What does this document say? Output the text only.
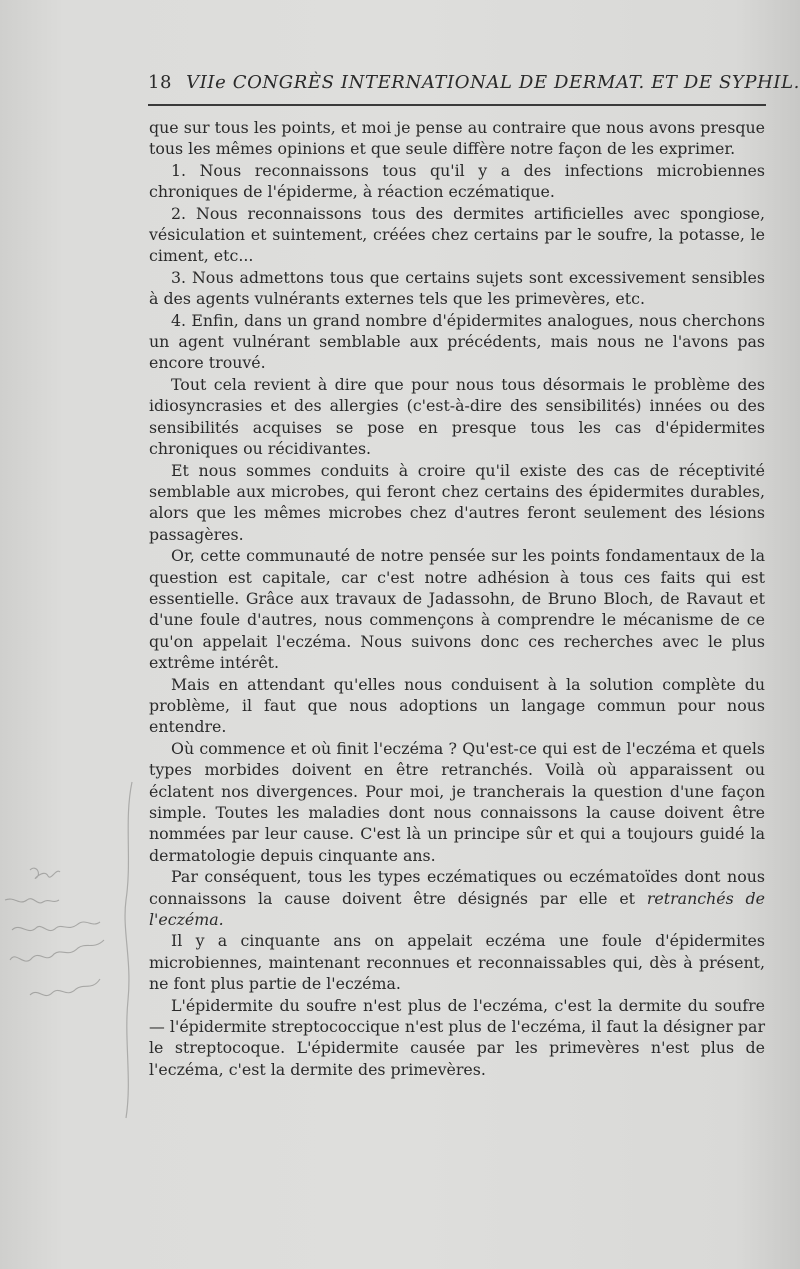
18 VIIe CONGRÈS INTERNATIONAL DE DERMAT. ET DE SYPHIL.

que sur tous les points, et moi je pense au contraire que nous avons presque tous les mêmes opinions et que seule diffère notre façon de les exprimer.

1. Nous reconnaissons tous qu'il y a des infections microbiennes chroniques de l'épiderme, à réaction eczématique.

2. Nous reconnaissons tous des dermites artificielles avec spongiose, vésiculation et suintement, créées chez certains par le soufre, la potasse, le ciment, etc...

3. Nous admettons tous que certains sujets sont excessivement sensibles à des agents vulnérants externes tels que les primevères, etc.

4. Enfin, dans un grand nombre d'épidermites analogues, nous cherchons un agent vulnérant semblable aux précédents, mais nous ne l'avons pas encore trouvé.

Tout cela revient à dire que pour nous tous désormais le problème des idiosyncrasies et des allergies (c'est-à-dire des sensibilités) innées ou des sensibilités acquises se pose en presque tous les cas d'épidermites chroniques ou récidivantes.

Et nous sommes conduits à croire qu'il existe des cas de réceptivité semblable aux microbes, qui feront chez certains des épidermites durables, alors que les mêmes microbes chez d'autres feront seulement des lésions passagères.

Or, cette communauté de notre pensée sur les points fondamentaux de la question est capitale, car c'est notre adhésion à tous ces faits qui est essentielle. Grâce aux travaux de Jadassohn, de Bruno Bloch, de Ravaut et d'une foule d'autres, nous commençons à comprendre le mécanisme de ce qu'on appelait l'eczéma. Nous suivons donc ces recherches avec le plus extrême intérêt.

Mais en attendant qu'elles nous conduisent à la solution complète du problème, il faut que nous adoptions un langage commun pour nous entendre.

Où commence et où finit l'eczéma ? Qu'est-ce qui est de l'eczéma et quels types morbides doivent en être retranchés. Voilà où apparaissent ou éclatent nos divergences. Pour moi, je trancherais la question d'une façon simple. Toutes les maladies dont nous connaissons la cause doivent être nommées par leur cause. C'est là un principe sûr et qui a toujours guidé la dermatologie depuis cinquante ans.

Par conséquent, tous les types eczématiques ou eczématoïdes dont nous connaissons la cause doivent être désignés par elle et retranchés de l'eczéma.

Il y a cinquante ans on appelait eczéma une foule d'épidermites microbiennes, maintenant reconnues et reconnaissables qui, dès à présent, ne font plus partie de l'eczéma.

L'épidermite du soufre n'est plus de l'eczéma, c'est la dermite du soufre — l'épidermite streptococcique n'est plus de l'eczéma, il faut la désigner par le streptocoque. L'épidermite causée par les primevères n'est plus de l'eczéma, c'est la dermite des primevères.
